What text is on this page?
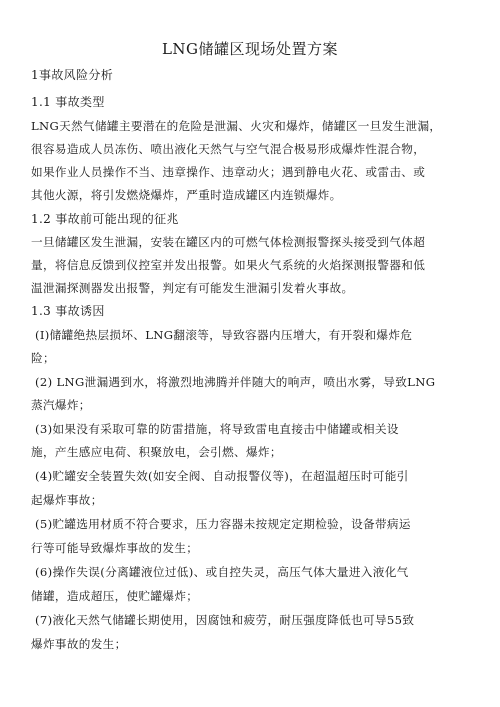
LNG储罐区现场处置方案
1事故风险分析
1.1 事故类型
LNG天然气储罐主要潜在的危险是泄漏、火灾和爆炸，储罐区一旦发生泄漏，
很容易造成人员冻伤、喷出液化天然气与空气混合极易形成爆炸性混合物，
如果作业人员操作不当、违章操作、违章动火；遇到静电火花、或雷击、或
其他火源，将引发燃烧爆炸，严重时造成罐区内连锁爆炸。
1.2 事故前可能出现的征兆
一旦储罐区发生泄漏，安装在罐区内的可燃气体检测报警探头接受到气体超
量，将信息反馈到仪控室并发出报警。如果火气系统的火焰探测报警器和低
温泄漏探测器发出报警，判定有可能发生泄漏引发着火事故。
1.3 事故诱因
(I)储罐绝热层损坏、LNG翻滚等，导致容器内压增大，有开裂和爆炸危
险；
(2) LNG泄漏遇到水，将激烈地沸腾并伴随大的响声，喷出水雾，导致LNG
蒸汽爆炸；
(3)如果没有采取可靠的防雷措施，将导致雷电直接击中储罐或相关设
施，产生感应电荷、积聚放电，会引燃、爆炸；
(4)贮罐安全装置失效(如安全阀、自动报警仪等)，在超温超压时可能引
起爆炸事故；
(5)贮罐选用材质不符合要求，压力容器未按规定定期检验，设备带病运
行等可能导致爆炸事故的发生；
(6)操作失误(分离罐液位过低)、或自控失灵，高压气体大量进入液化气
储罐，造成超压，使贮罐爆炸；
(7)液化天然气储罐长期使用，因腐蚀和疲劳，耐压强度降低也可导55致
爆炸事故的发生；
